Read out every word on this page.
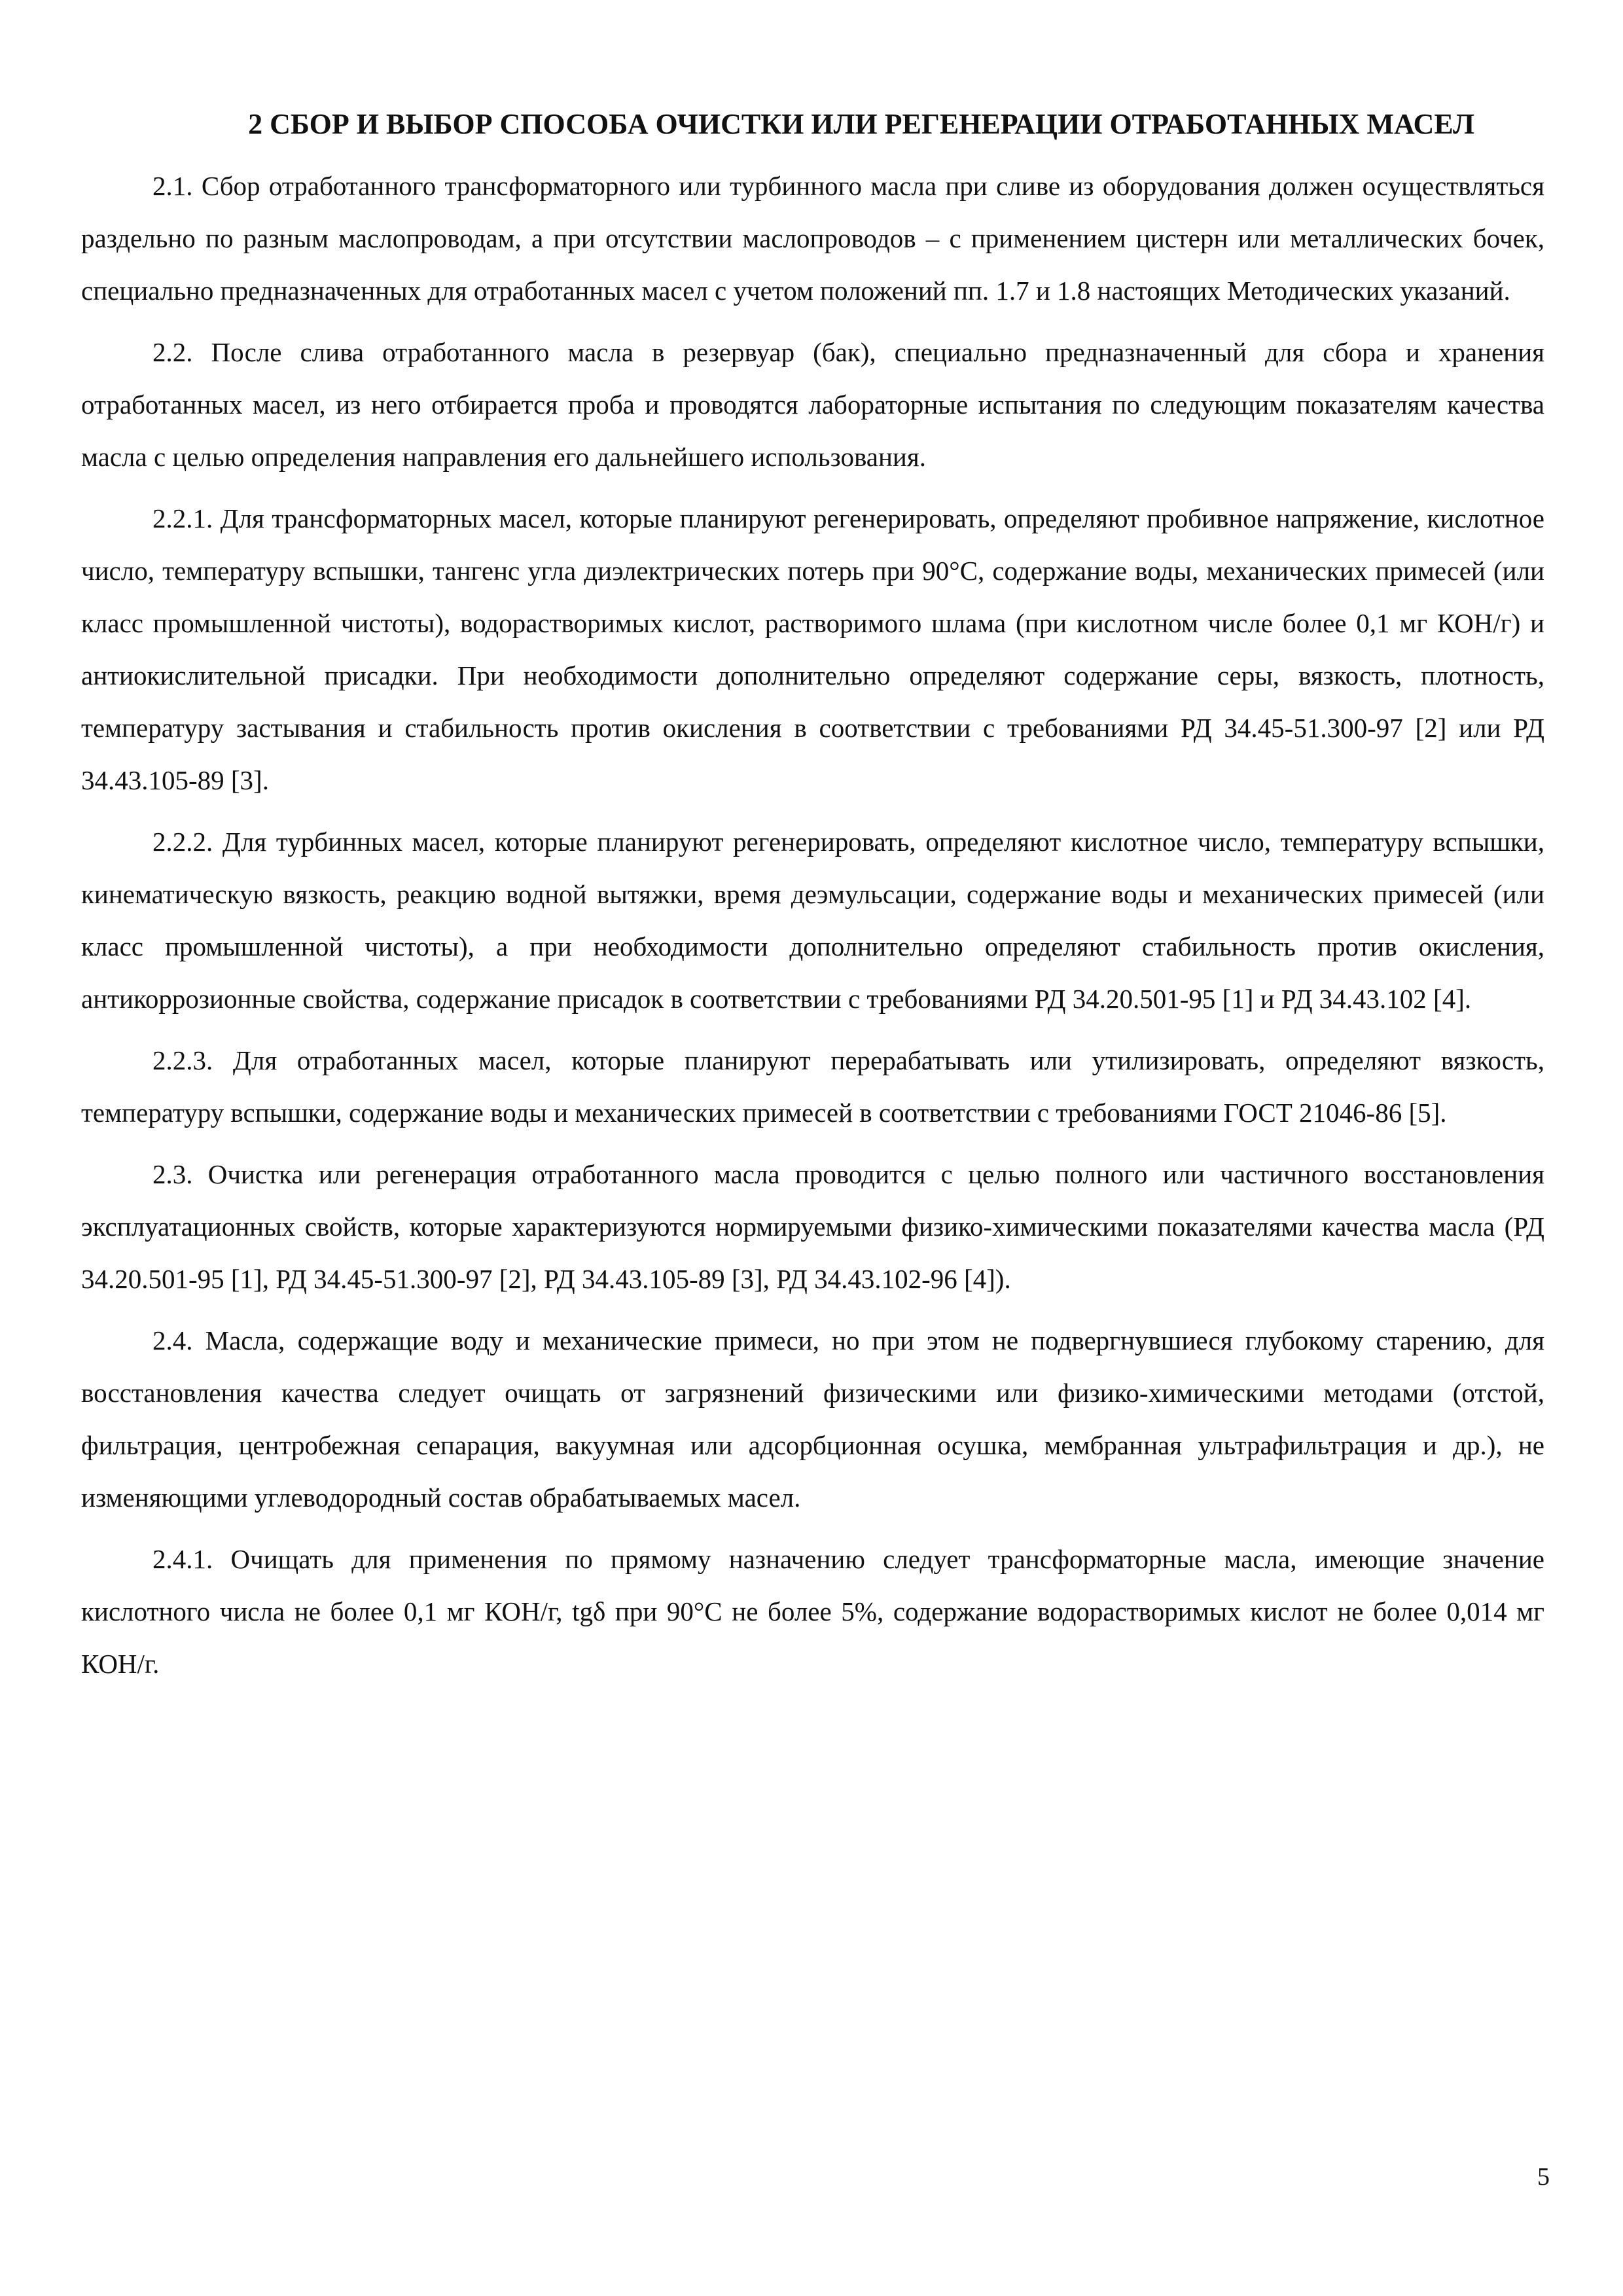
2 СБОР И ВЫБОР СПОСОБА ОЧИСТКИ ИЛИ РЕГЕНЕРАЦИИ ОТРАБОТАННЫХ МАСЕЛ

2.1. Сбор отработанного трансформаторного или турбинного масла при сливе из оборудования должен осуществляться раздельно по разным маслопроводам, а при отсутствии маслопроводов – с применением цистерн или металлических бочек, специально предназначенных для отработанных масел с учетом положений пп. 1.7 и 1.8 настоящих Методических указаний.

2.2. После слива отработанного масла в резервуар (бак), специально предназначенный для сбора и хранения отработанных масел, из него отбирается проба и проводятся лабораторные испытания по следующим показателям качества масла с целью определения направления его дальнейшего использования.

2.2.1. Для трансформаторных масел, которые планируют регенерировать, определяют пробивное напряжение, кислотное число, температуру вспышки, тангенс угла диэлектрических потерь при 90°С, содержание воды, механических примесей (или класс промышленной чистоты), водорастворимых кислот, растворимого шлама (при кислотном числе более 0,1 мг КОН/г) и антиокислительной присадки. При необходимости дополнительно определяют содержание серы, вязкость, плотность, температуру застывания и стабильность против окисления в соответствии с требованиями РД 34.45-51.300-97 [2] или РД 34.43.105-89 [3].

2.2.2. Для турбинных масел, которые планируют регенерировать, определяют кислотное число, температуру вспышки, кинематическую вязкость, реакцию водной вытяжки, время деэмульсации, содержание воды и механических примесей (или класс промышленной чистоты), а при необходимости дополнительно определяют стабильность против окисления, антикоррозионные свойства, содержание присадок в соответствии с требованиями РД 34.20.501-95 [1] и РД 34.43.102 [4].

2.2.3. Для отработанных масел, которые планируют перерабатывать или утилизировать, определяют вязкость, температуру вспышки, содержание воды и механических примесей в соответствии с требованиями ГОСТ 21046-86 [5].

2.3. Очистка или регенерация отработанного масла проводится с целью полного или частичного восстановления эксплуатационных свойств, которые характеризуются нормируемыми физико-химическими показателями качества масла (РД 34.20.501-95 [1], РД 34.45-51.300-97 [2], РД 34.43.105-89 [3], РД 34.43.102-96 [4]).

2.4. Масла, содержащие воду и механические примеси, но при этом не подвергнувшиеся глубокому старению, для восстановления качества следует очищать от загрязнений физическими или физико-химическими методами (отстой, фильтрация, центробежная сепарация, вакуумная или адсорбционная осушка, мембранная ультрафильтрация и др.), не изменяющими углеводородный состав обрабатываемых масел.

2.4.1. Очищать для применения по прямому назначению следует трансформаторные масла, имеющие значение кислотного числа не более 0,1 мг КОН/г, tgδ при 90°С не более 5%, содержание водорастворимых кислот не более 0,014 мг КОН/г.

5
